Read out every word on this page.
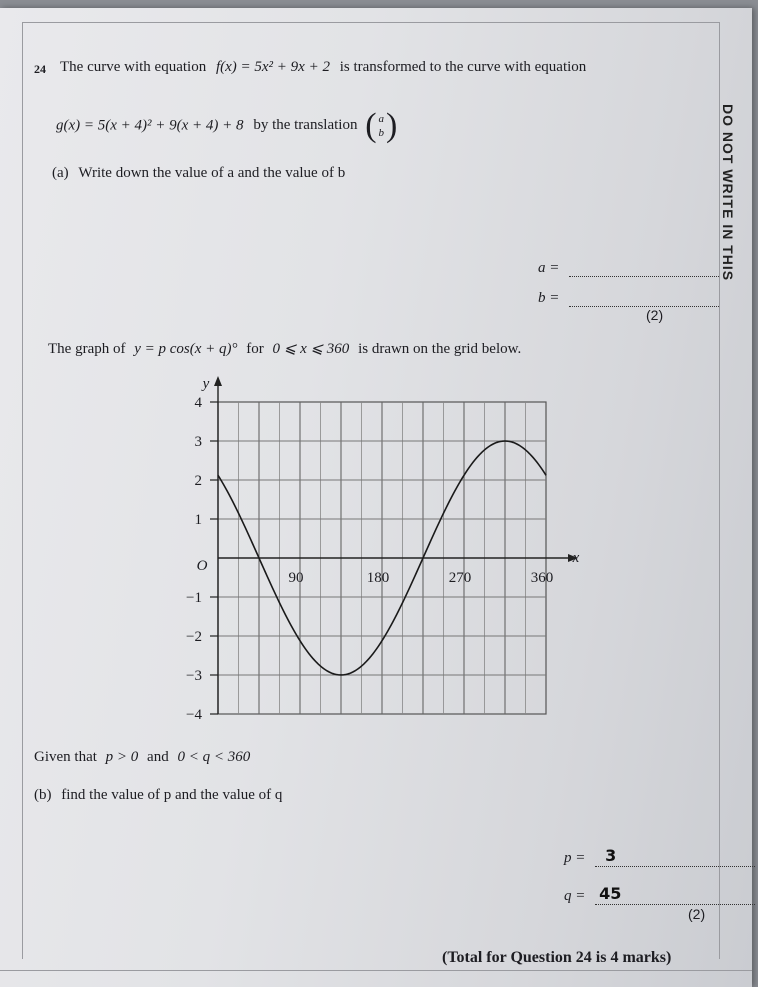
24 The curve with equation f(x) = 5x² + 9x + 2 is transformed to the curve with equation
g(x) = 5(x + 4)² + 9(x + 4) + 8 by the translation ( a
b )
(a) Write down the value of a and the value of b
a =
b =
(2)
The graph of y = p cos(x + q)° for 0 ⩽ x ⩽ 360 is drawn on the grid below.
y
x
O
4
3
2
1
−1
−2
−3
−4
90	180	270	360
Given that p > 0 and 0 < q < 360
(b) find the value of p and the value of q
p = 3
q = 45
(2)
(Total for Question 24 is 4 marks)
DO NOT WRITE IN THIS
